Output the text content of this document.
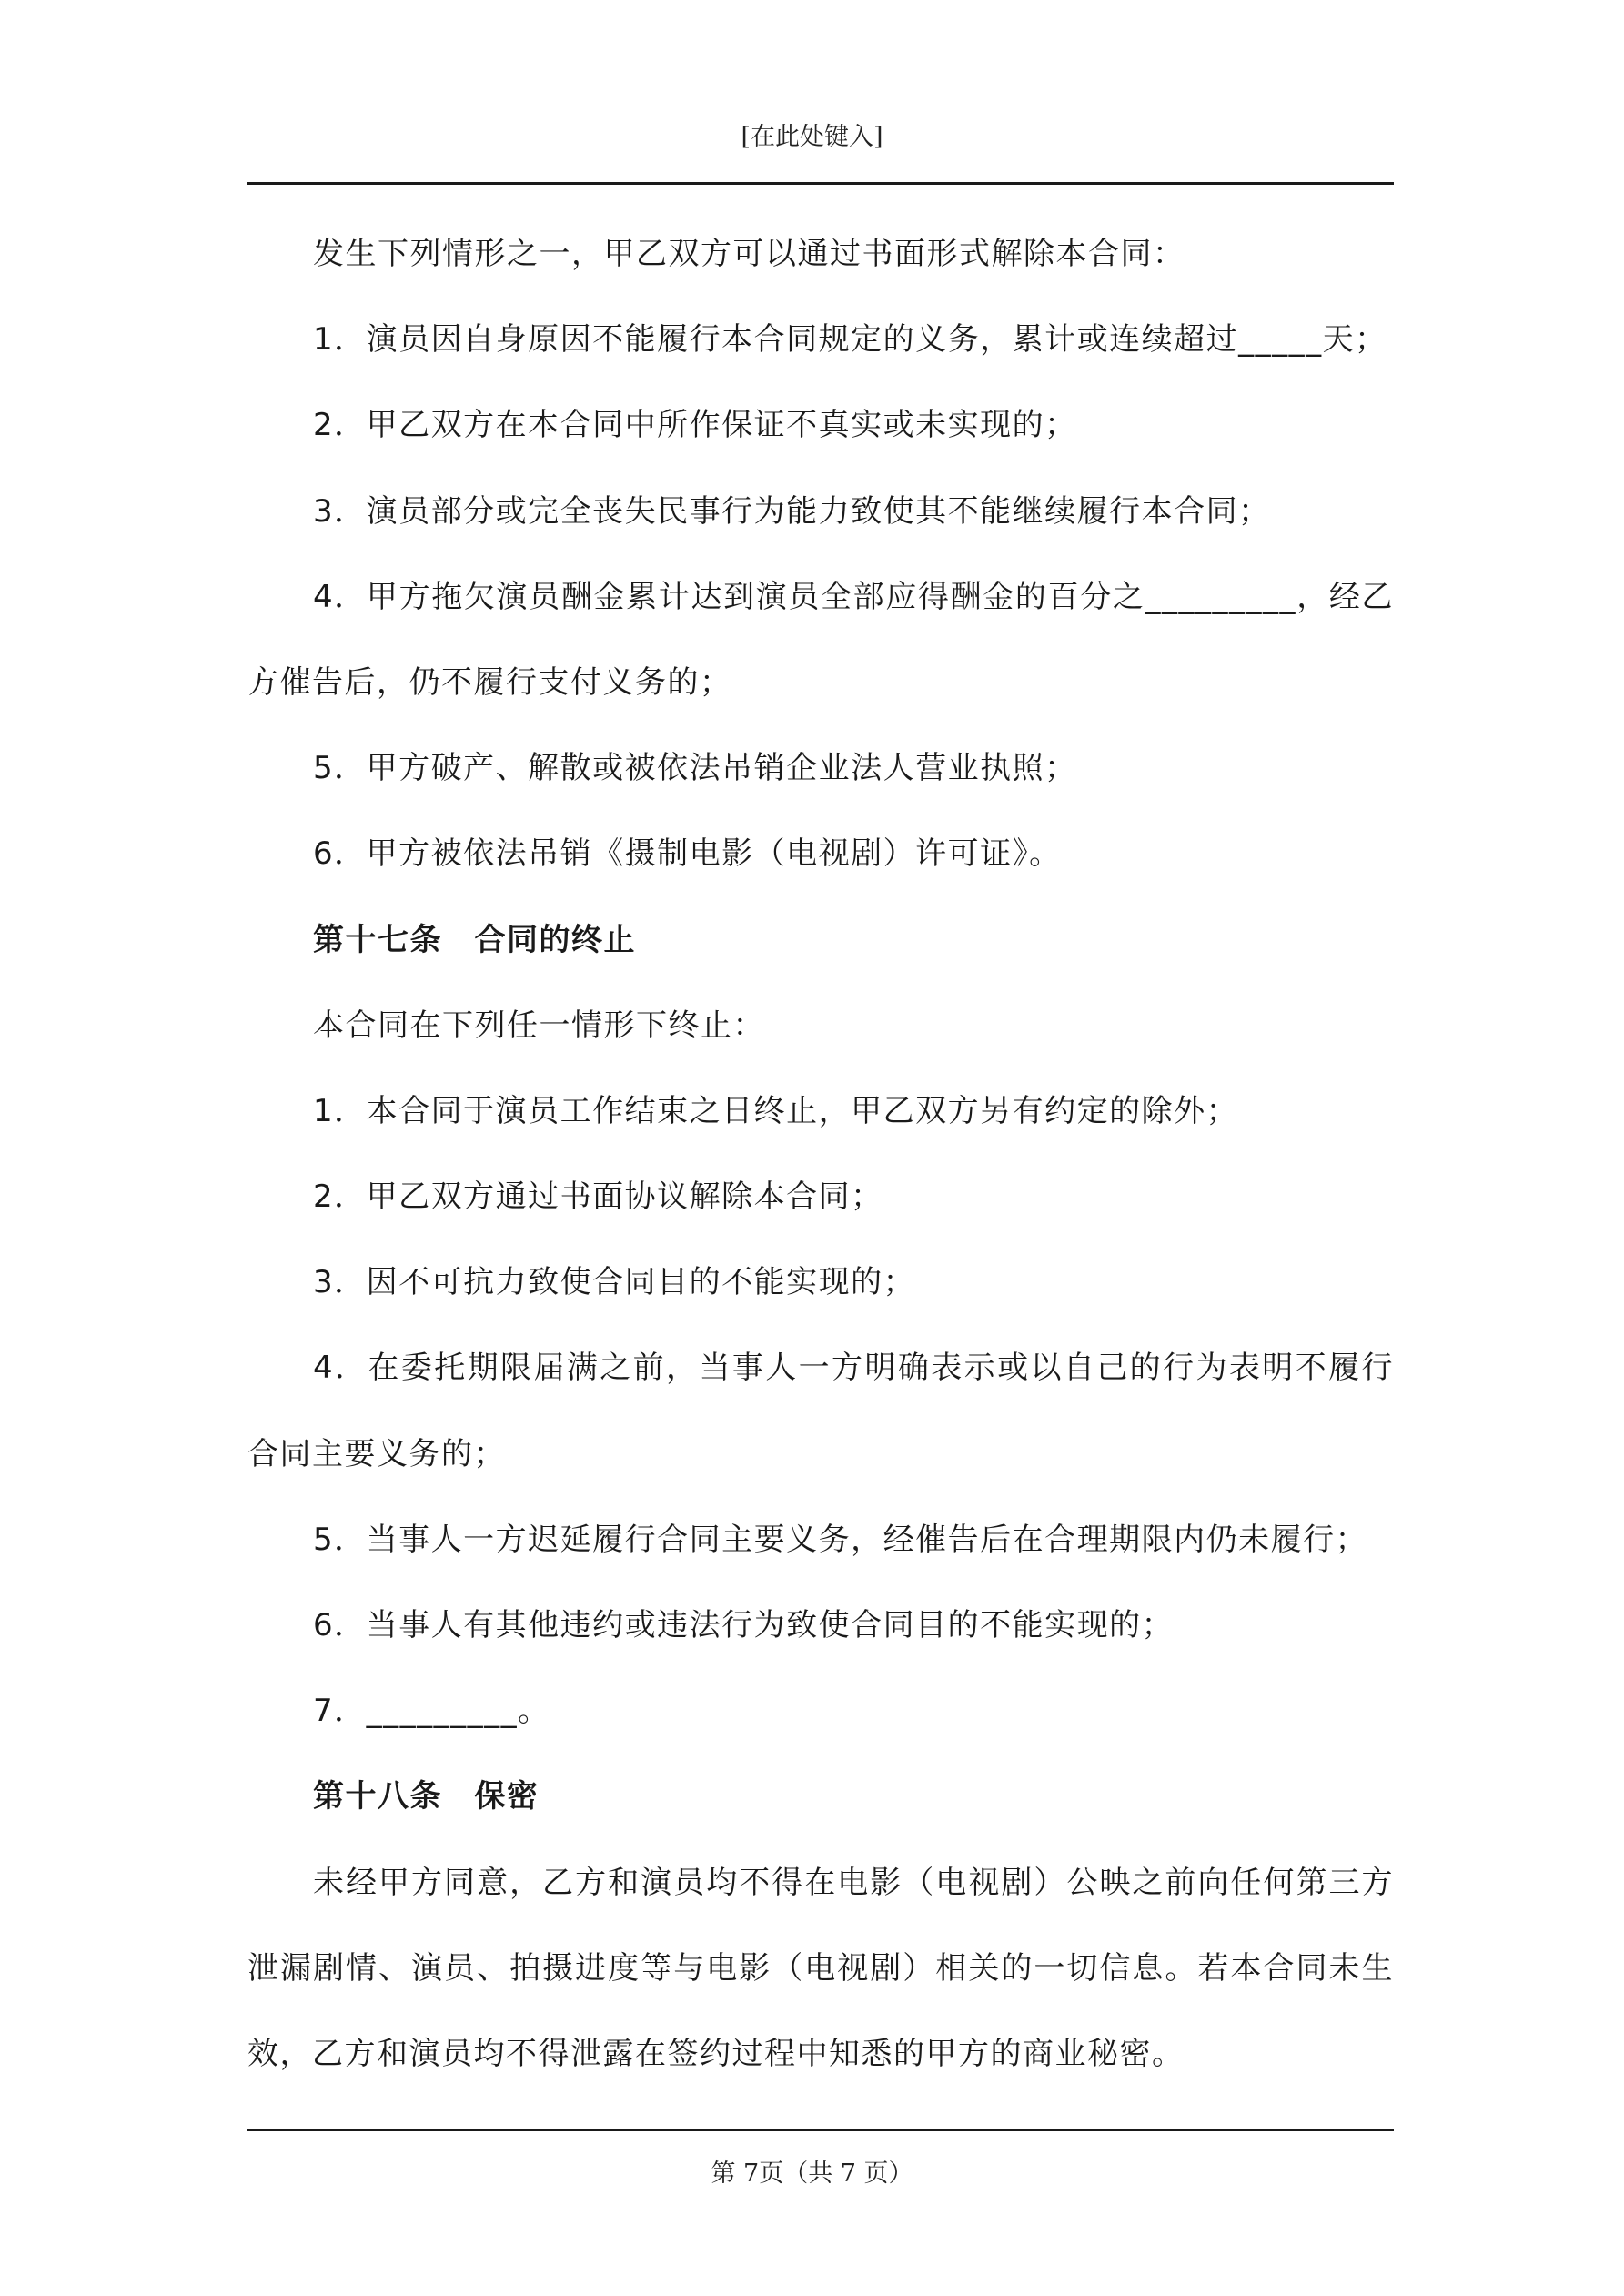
[在此处键入]
发生下列情形之一，甲乙双方可以通过书面形式解除本合同：
1．演员因自身原因不能履行本合同规定的义务，累计或连续超过_____天；
2．甲乙双方在本合同中所作保证不真实或未实现的；
3．演员部分或完全丧失民事行为能力致使其不能继续履行本合同；
4．甲方拖欠演员酬金累计达到演员全部应得酬金的百分之_________，经乙
方催告后，仍不履行支付义务的；
5．甲方破产、解散或被依法吊销企业法人营业执照；
6．甲方被依法吊销《摄制电影（电视剧）许可证》。
第十七条　合同的终止
本合同在下列任一情形下终止：
1．本合同于演员工作结束之日终止，甲乙双方另有约定的除外；
2．甲乙双方通过书面协议解除本合同；
3．因不可抗力致使合同目的不能实现的；
4．在委托期限届满之前，当事人一方明确表示或以自己的行为表明不履行
合同主要义务的；
5．当事人一方迟延履行合同主要义务，经催告后在合理期限内仍未履行；
6．当事人有其他违约或违法行为致使合同目的不能实现的；
7．_________。
第十八条　保密
未经甲方同意，乙方和演员均不得在电影（电视剧）公映之前向任何第三方
泄漏剧情、演员、拍摄进度等与电影（电视剧）相关的一切信息。若本合同未生
效，乙方和演员均不得泄露在签约过程中知悉的甲方的商业秘密。
第 7页（共 7 页）
